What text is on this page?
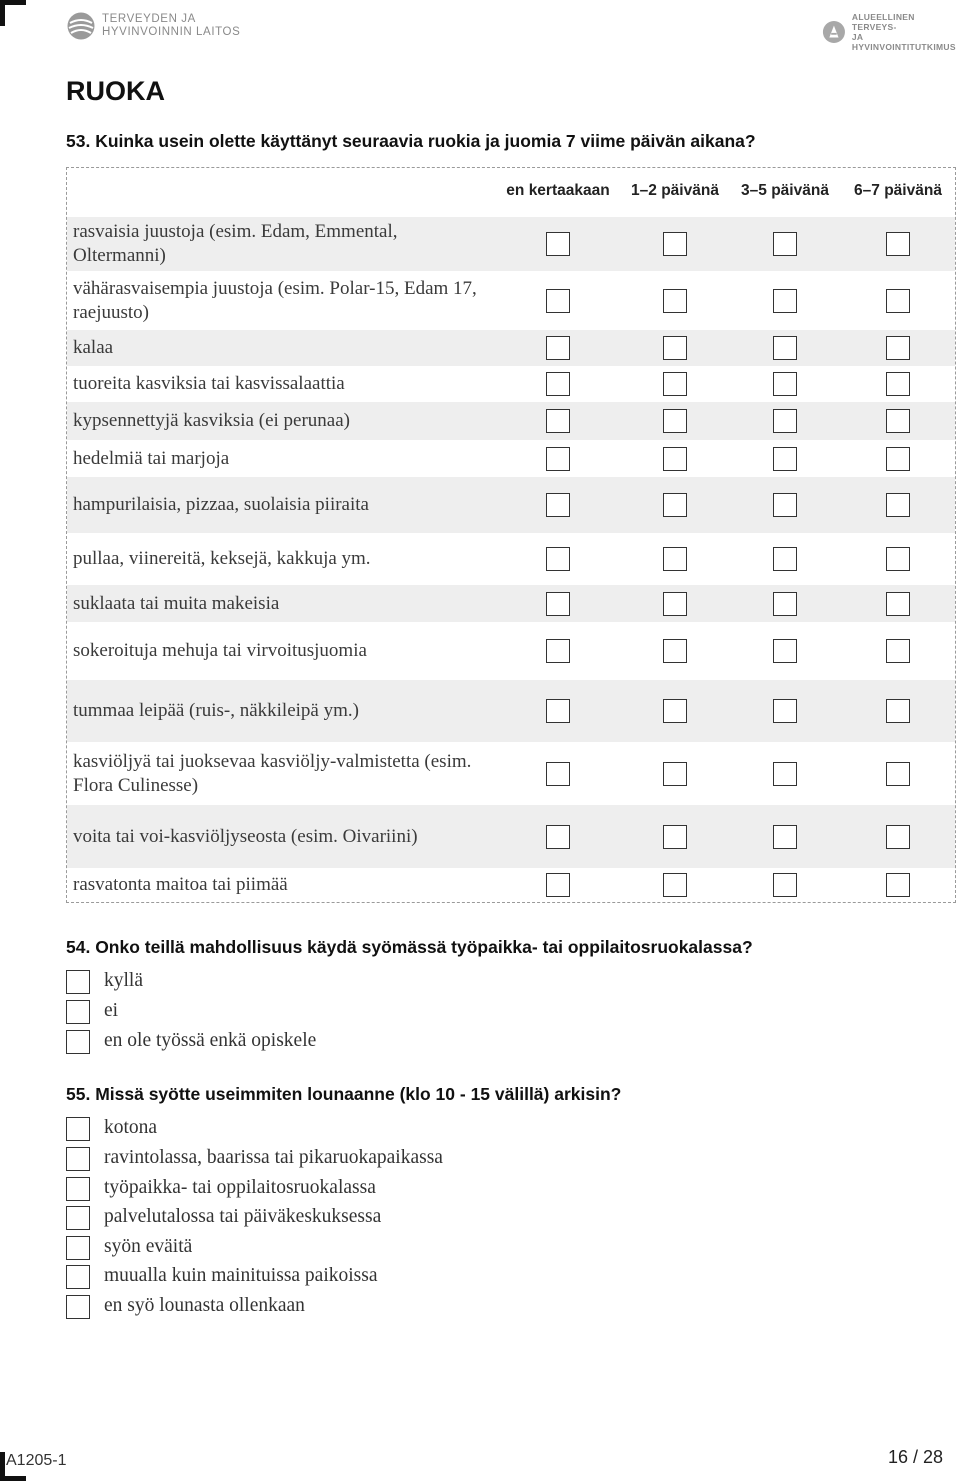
TERVEYDEN JA
HYVINVOINNIN LAITOS
ALUEELLINEN TERVEYS-
JA HYVINVOINTITUTKIMUS
RUOKA
53. Kuinka usein olette käyttänyt seuraavia ruokia ja juomia 7 viime päivän aikana?
en kertaakaan 1–2 päivänä 3–5 päivänä 6–7 päivänä
rasvaisia juustoja (esim. Edam, Emmental, Oltermanni)
vähärasvaisempia juustoja (esim. Polar-15, Edam 17, raejuusto)
kalaa
tuoreita kasviksia tai kasvissalaattia
kypsennettyjä kasviksia (ei perunaa)
hedelmiä tai marjoja
hampurilaisia, pizzaa, suolaisia piiraita
pullaa, viinereitä, keksejä, kakkuja ym.
suklaata tai muita makeisia
sokeroituja mehuja tai virvoitusjuomia
tummaa leipää (ruis-, näkkileipä ym.)
kasviöljyä tai juoksevaa kasviöljy-valmistetta (esim. Flora Culinesse)
voita tai voi-kasviöljyseosta (esim. Oivariini)
rasvatonta maitoa tai piimää
54. Onko teillä mahdollisuus käydä syömässä työpaikka- tai oppilaitosruokalassa?
kyllä
ei
en ole työssä enkä opiskele
55. Missä syötte useimmiten lounaanne (klo 10 - 15 välillä) arkisin?
kotona
ravintolassa, baarissa tai pikaruokapaikassa
työpaikka- tai oppilaitosruokalassa
palvelutalossa tai päiväkeskuksessa
syön eväitä
muualla kuin mainituissa paikoissa
en syö lounasta ollenkaan
A1205-1	16 / 28
